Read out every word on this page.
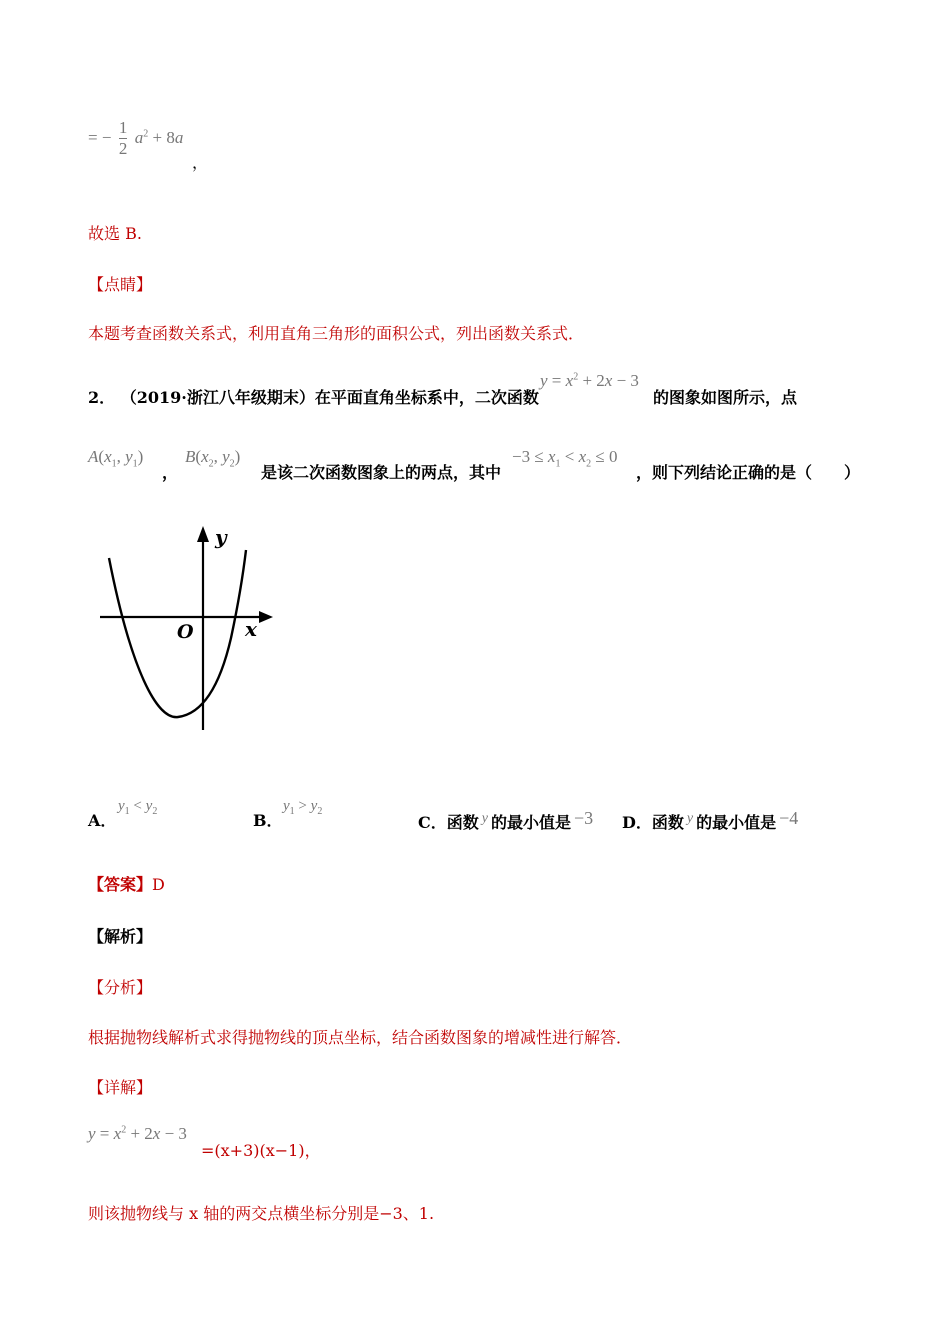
= − $\frac{1}{2} a^2 + 8a$
，
故选 B.
【点睛】
本题考查函数关系式，利用直角三角形的面积公式，列出函数关系式．
2． （2019·浙江八年级期末）在平面直角坐标系中，二次函数
$y = x^2 + 2x - 3$
的图象如图所示，点
$A(x_1$, $y_1$)
，
$B(x_2$, $y_2$)
是该二次函数图象上的两点，其中
$-3 \le x_1 < x_2 \le 0$
，则下列结论正确的是（　　）
y
x
O
A．
$y_1 < y_2$	B．
$y_1 > y_2$
C．函数 y 的最小值是 −3 D．函数 y 的最小值是 −4
【答案】D
【解析】
【分析】
根据抛物线解析式求得抛物线的顶点坐标，结合函数图象的增减性进行解答．
【详解】
$y = x^2 + 2x - 3$
=(x+3)(x−1)，
则该抛物线与 x 轴的两交点横坐标分别是−3、1.
